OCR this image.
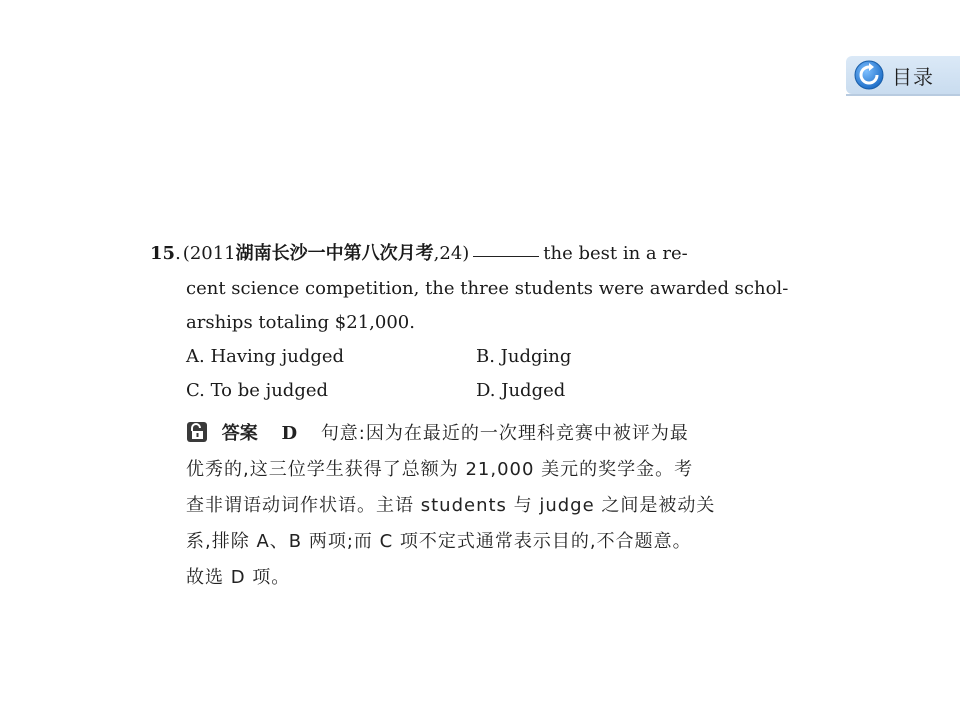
目录
15 . (2011 湖南长沙一中第八次月考 ,24)	the best in a re-
cent science competition, the three students were awarded schol-
arships totaling $21,000.
A. Having judged	B. Judging
C. To be judged	D. Judged
答案 D 句意:因为在最近的一次理科竞赛中被评为最
优秀的,这三位学生获得了总额为 21,000 美元的奖学金。考
查非谓语动词作状语。主语 students 与 judge 之间是被动关
系,排除 A、B 两项;而 C 项不定式通常表示目的,不合题意。
故选 D 项。
